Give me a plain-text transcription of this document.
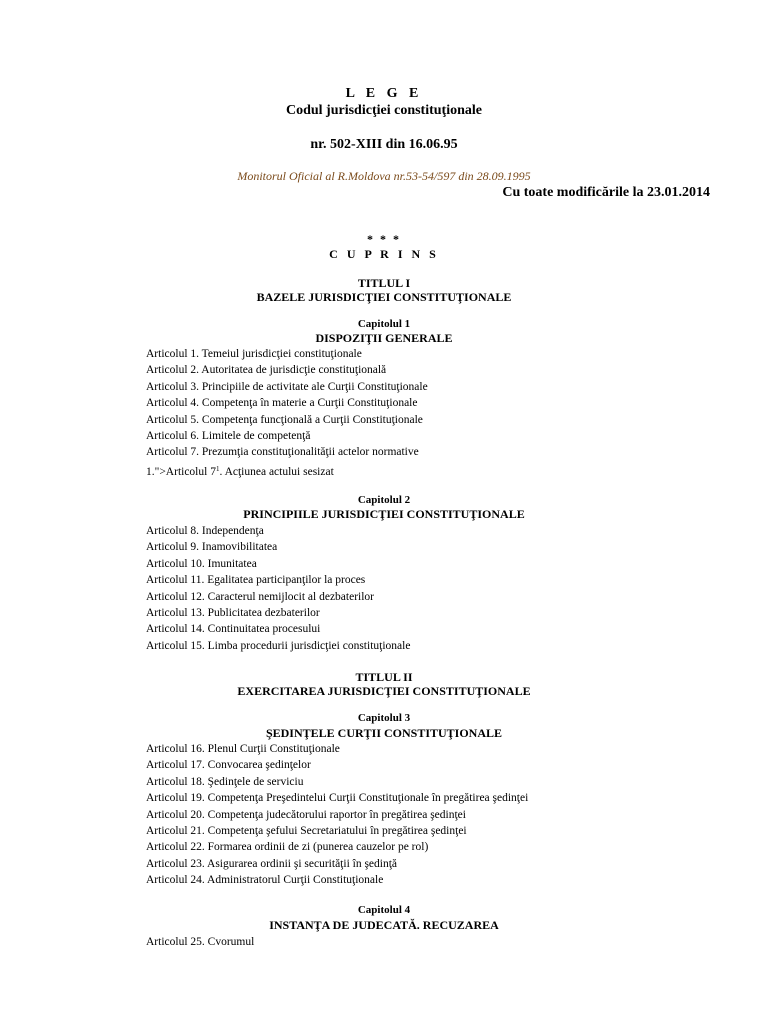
L E G E
Codul jurisdicţiei constituţionale
nr. 502-XIII din 16.06.95
Monitorul Oficial al R.Moldova nr.53-54/597 din 28.09.1995
Cu toate modificările la 23.01.2014
* * *
C U P R I N S
TITLUL I
BAZELE JURISDICŢIEI CONSTITUŢIONALE
Capitolul 1
DISPOZIŢII GENERALE
Articolul 1. Temeiul jurisdicţiei constituţionale
Articolul 2. Autoritatea de jurisdicţie constituţională
Articolul 3. Principiile de activitate ale Curţii Constituţionale
Articolul 4. Competenţa în materie a Curţii Constituţionale
Articolul 5. Competenţa funcţională a Curţii Constituţionale
Articolul 6. Limitele de competenţă
Articolul 7. Prezumţia constituţionalităţii actelor normative
1.">Articolul $7^1$. Acţiunea actului sesizat
Capitolul 2
PRINCIPIILE JURISDICŢIEI CONSTITUŢIONALE
Articolul 8. Independenţa
Articolul 9. Inamovibilitatea
Articolul 10. Imunitatea
Articolul 11. Egalitatea participanţilor la proces
Articolul 12. Caracterul nemijlocit al dezbaterilor
Articolul 13. Publicitatea dezbaterilor
Articolul 14. Continuitatea procesului
Articolul 15. Limba procedurii jurisdicţiei constituţionale
TITLUL II
EXERCITAREA JURISDICŢIEI CONSTITUŢIONALE
Capitolul 3
ŞEDINŢELE CURŢII CONSTITUŢIONALE
Articolul 16. Plenul Curţii Constituţionale
Articolul 17. Convocarea şedinţelor
Articolul 18. Şedinţele de serviciu
Articolul 19. Competenţa Preşedintelui Curţii Constituţionale în pregătirea şedinţei
Articolul 20. Competenţa judecătorului raportor în pregătirea şedinţei
Articolul 21. Competenţa şefului Secretariatului în pregătirea şedinţei
Articolul 22. Formarea ordinii de zi (punerea cauzelor pe rol)
Articolul 23. Asigurarea ordinii şi securităţii în şedinţă
Articolul 24. Administratorul Curţii Constituţionale
Capitolul 4
INSTANŢA DE JUDECATĂ. RECUZAREA
Articolul 25. Cvorumul
